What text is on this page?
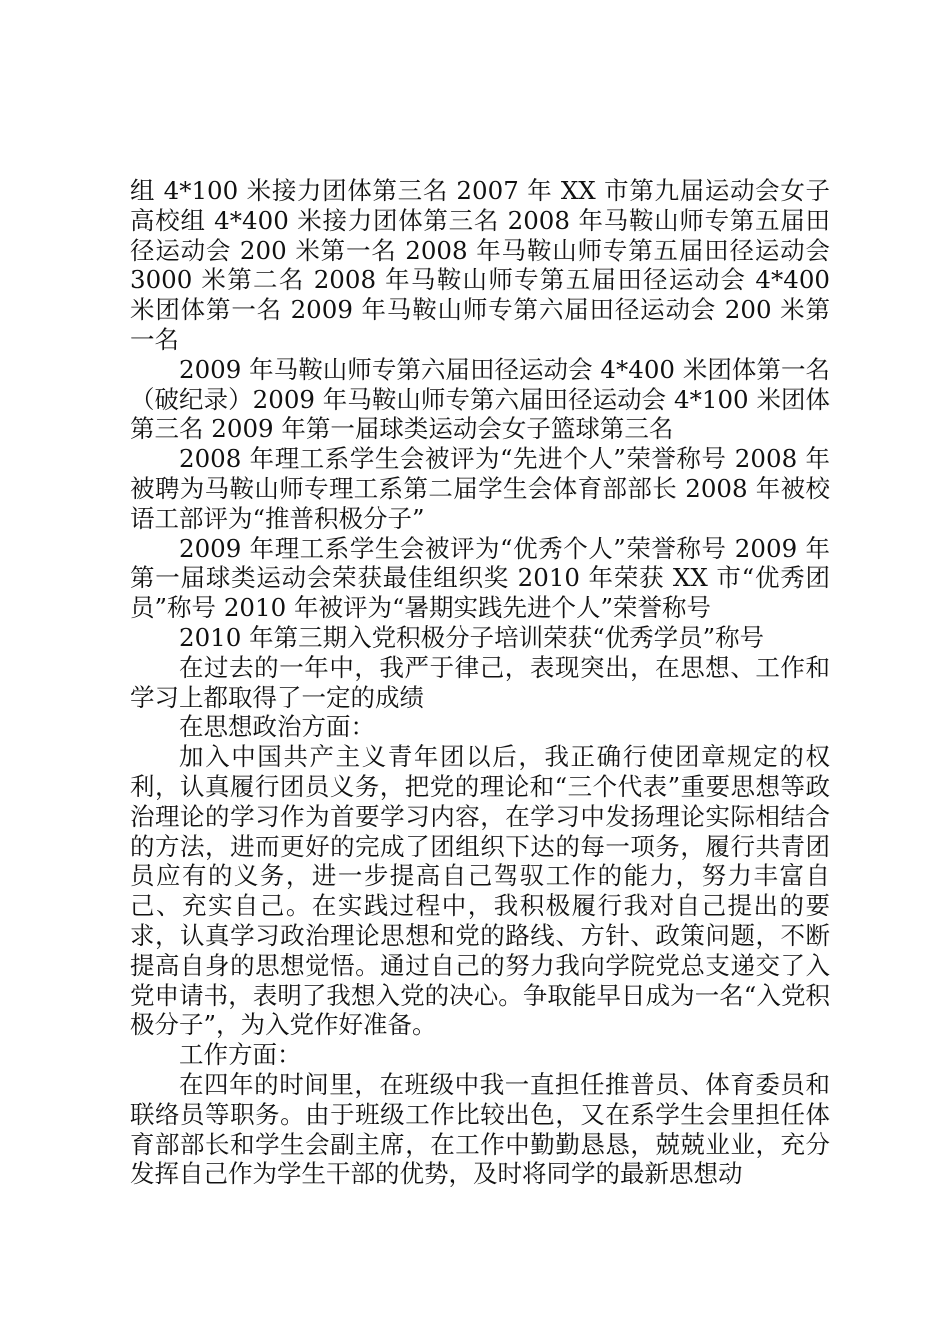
组 4*100 米接力团体第三名 2007 年 XX 市第九届运动会女子高校组 4*400 米接力团体第三名 2008 年马鞍山师专第五届田径运动会 200 米第一名 2008 年马鞍山师专第五届田径运动会 3000 米第二名 2008 年马鞍山师专第五届田径运动会 4*400 米团体第一名 2009 年马鞍山师专第六届田径运动会 200 米第一名

2009 年马鞍山师专第六届田径运动会 4*400 米团体第一名（破纪录）2009 年马鞍山师专第六届田径运动会 4*100 米团体第三名 2009 年第一届球类运动会女子篮球第三名

2008 年理工系学生会被评为“先进个人”荣誉称号 2008 年被聘为马鞍山师专理工系第二届学生会体育部部长 2008 年被校语工部评为“推普积极分子”

2009 年理工系学生会被评为“优秀个人”荣誉称号 2009 年第一届球类运动会荣获最佳组织奖 2010 年荣获 XX 市“优秀团员”称号 2010 年被评为“暑期实践先进个人”荣誉称号

2010 年第三期入党积极分子培训荣获“优秀学员”称号

在过去的一年中，我严于律己，表现突出，在思想、工作和学习上都取得了一定的成绩

在思想政治方面：

加入中国共产主义青年团以后，我正确行使团章规定的权利，认真履行团员义务，把党的理论和“三个代表”重要思想等政治理论的学习作为首要学习内容，在学习中发扬理论实际相结合的方法，进而更好的完成了团组织下达的每一项务，履行共青团员应有的义务，进一步提高自己驾驭工作的能力，努力丰富自己、充实自己。在实践过程中，我积极履行我对自己提出的要求，认真学习政治理论思想和党的路线、方针、政策问题，不断提高自身的思想觉悟。通过自己的努力我向学院党总支递交了入党申请书，表明了我想入党的决心。争取能早日成为一名“入党积极分子”，为入党作好准备。

工作方面：

在四年的时间里，在班级中我一直担任推普员、体育委员和联络员等职务。由于班级工作比较出色，又在系学生会里担任体育部部长和学生会副主席，在工作中勤勤恳恳，兢兢业业，充分发挥自己作为学生干部的优势，及时将同学的最新思想动
